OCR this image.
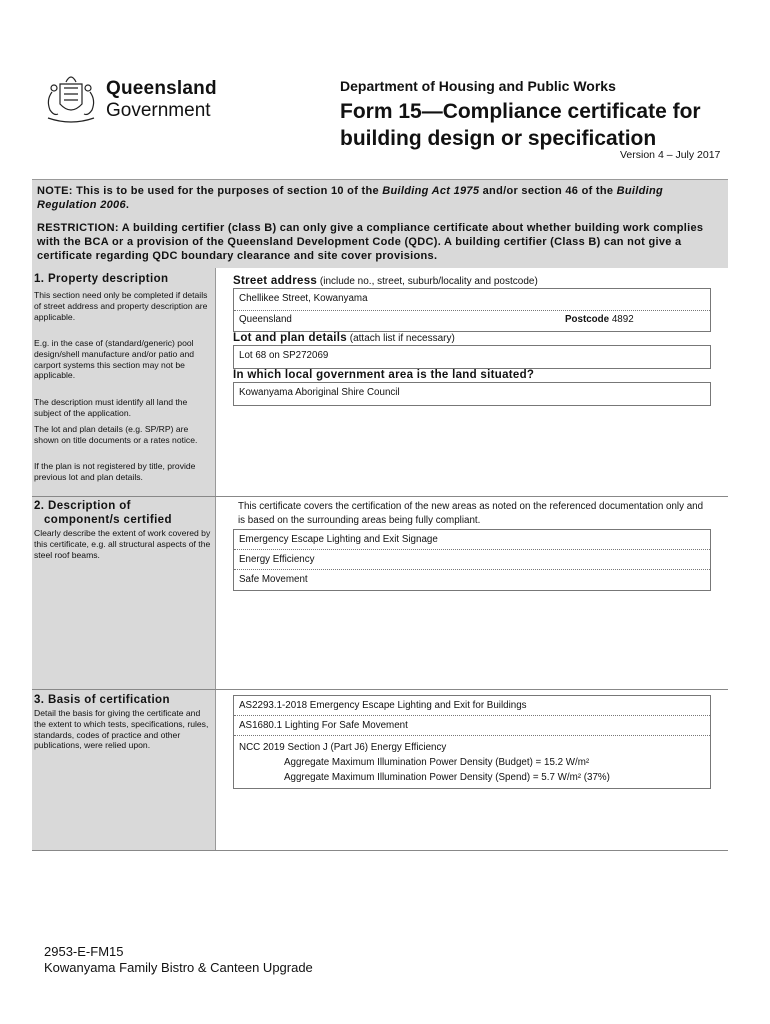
Queensland
Government
Department of Housing and Public Works
Form 15—Compliance certificate for building design or specification
Version 4 – July 2017

NOTE: This is to be used for the purposes of section 10 of the Building Act 1975 and/or section 46 of the Building Regulation 2006.

RESTRICTION: A building certifier (class B) can only give a compliance certificate about whether building work complies with the BCA or a provision of the Queensland Development Code (QDC). A building certifier (Class B) can not give a certificate regarding QDC boundary clearance and site cover provisions.

1. Property description
This section need only be completed if details of street address and property description are applicable.
E.g. in the case of (standard/generic) pool design/shell manufacture and/or patio and carport systems this section may not be applicable.
The description must identify all land the subject of the application.
The lot and plan details (e.g. SP/RP) are shown on title documents or a rates notice.
If the plan is not registered by title, provide previous lot and plan details.
2. Description of
component/s certified
Clearly describe the extent of work covered by this certificate, e.g. all structural aspects of the steel roof beams.
3. Basis of certification
Detail the basis for giving the certificate and the extent to which tests, specifications, rules, standards, codes of practice and other publications, were relied upon.
Street address (include no., street, suburb/locality and postcode)
Chellikee Street, Kowanyama
Queensland	Postcode 4892
Lot and plan details (attach list if necessary)
Lot 68 on SP272069
In which local government area is the land situated?
Kowanyama Aboriginal Shire Council
This certificate covers the certification of the new areas as noted on the referenced documentation only and is based on the surrounding areas being fully compliant.
Emergency Escape Lighting and Exit Signage
Energy Efficiency
Safe Movement
AS2293.1-2018 Emergency Escape Lighting and Exit for Buildings
AS1680.1 Lighting For Safe Movement
NCC 2019 Section J (Part J6) Energy Efficiency
Aggregate Maximum Illumination Power Density (Budget) = 15.2 W/m²
Aggregate Maximum Illumination Power Density (Spend) = 5.7 W/m² (37%)
2953-E-FM15
Kowanyama Family Bistro & Canteen Upgrade
